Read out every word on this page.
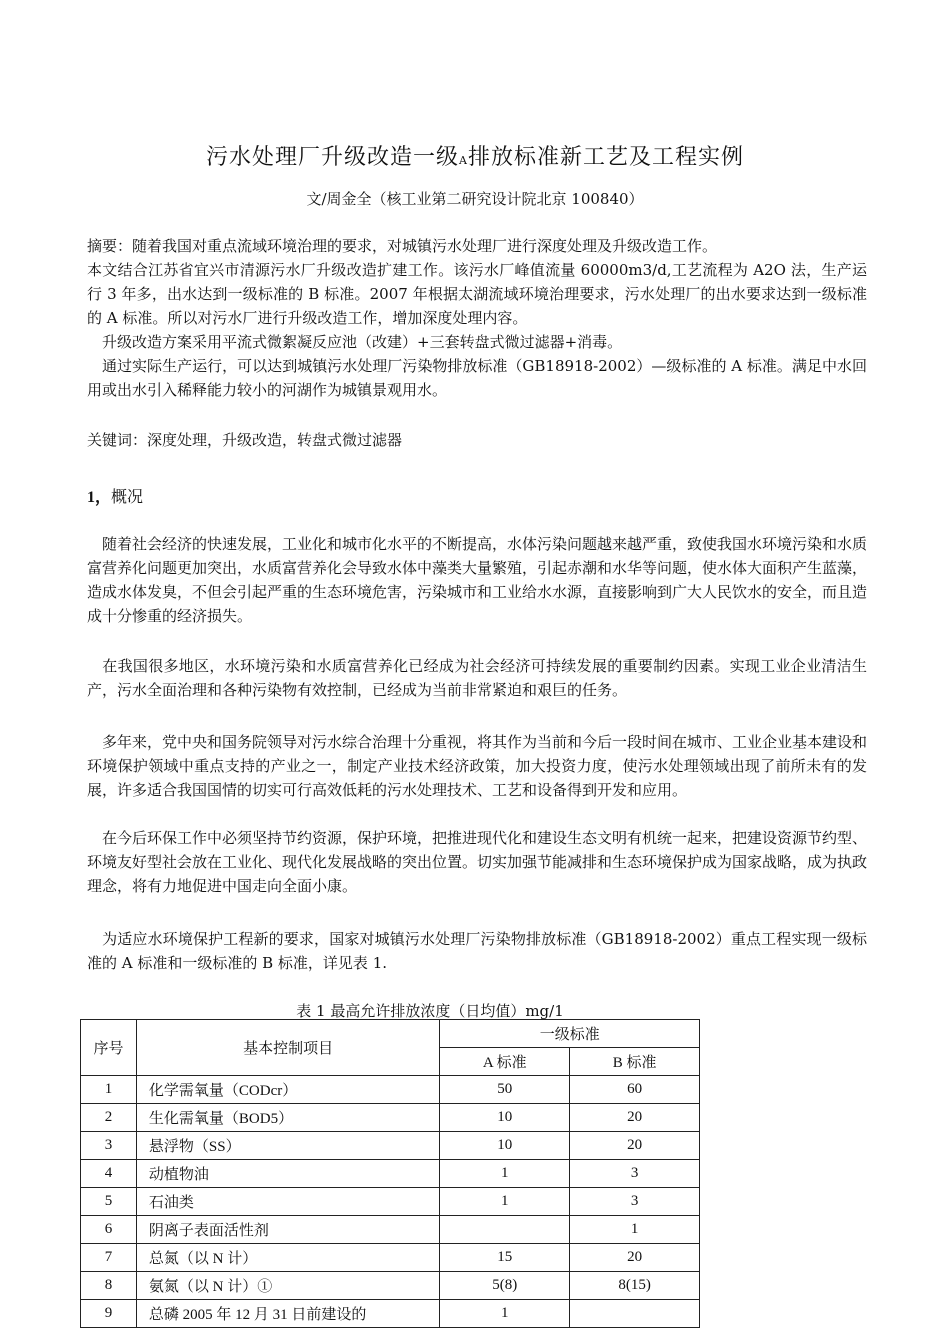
污水处理厂升级改造一级A排放标准新工艺及工程实例
文/周金全（核工业第二研究设计院北京 100840）

摘要：随着我国对重点流域环境治理的要求，对城镇污水处理厂进行深度处理及升级改造工作。

本文结合江苏省宜兴市清源污水厂升级改造扩建工作。该污水厂峰值流量 60000m3/d,工艺流程为 A2O 法，生产运行 3 年多，出水达到一级标准的 B 标准。2007 年根据太湖流域环境治理要求，污水处理厂的出水要求达到一级标准的 A 标准。所以对污水厂进行升级改造工作，增加深度处理内容。

　升级改造方案采用平流式微絮凝反应池（改建）+三套转盘式微过滤器+消毒。

　通过实际生产运行，可以达到城镇污水处理厂污染物排放标准（GB18918-2002）—级标准的 A 标准。满足中水回用或出水引入稀释能力较小的河湖作为城镇景观用水。

关键词：深度处理，升级改造，转盘式微过滤器

1，概况

　随着社会经济的快速发展，工业化和城市化水平的不断提高，水体污染问题越来越严重，致使我国水环境污染和水质富营养化问题更加突出，水质富营养化会导致水体中藻类大量繁殖，引起赤潮和水华等问题，使水体大面积产生蓝藻，造成水体发臭，不但会引起严重的生态环境危害，污染城市和工业给水水源，直接影响到广大人民饮水的安全，而且造成十分惨重的经济损失。

　在我国很多地区，水环境污染和水质富营养化已经成为社会经济可持续发展的重要制约因素。实现工业企业清洁生产，污水全面治理和各种污染物有效控制，已经成为当前非常紧迫和艰巨的任务。

　多年来，党中央和国务院领导对污水综合治理十分重视，将其作为当前和今后一段时间在城市、工业企业基本建设和环境保护领域中重点支持的产业之一，制定产业技术经济政策，加大投资力度，使污水处理领域出现了前所未有的发展，许多适合我国国情的切实可行高效低耗的污水处理技术、工艺和设备得到开发和应用。

　在今后环保工作中必须坚持节约资源，保护环境，把推进现代化和建设生态文明有机统一起来，把建设资源节约型、环境友好型社会放在工业化、现代化发展战略的突出位置。切实加强节能减排和生态环境保护成为国家战略，成为执政理念，将有力地促进中国走向全面小康。

　为适应水环境保护工程新的要求，国家对城镇污水处理厂污染物排放标准（GB18918-2002）重点工程实现一级标准的 A 标准和一级标准的 B 标准，详见表 1.

表 1 最高允许排放浓度（日均值）mg/1
序号	基本控制项目	一级标准	
		A 标准	B 标准
1	化学需氧量（CODcr）	50	60
2	生化需氧量（BOD5）	10	20
3	悬浮物（SS）	10	20
4	动植物油	1	3
5	石油类	1	3
6	阴离子表面活性剂		1
7	总氮（以 N 计）	15	20
8	氨氮（以 N 计）①	5(8)	8(15)
9	总磷 2005 年 12 月 31 日前建设的	1	
